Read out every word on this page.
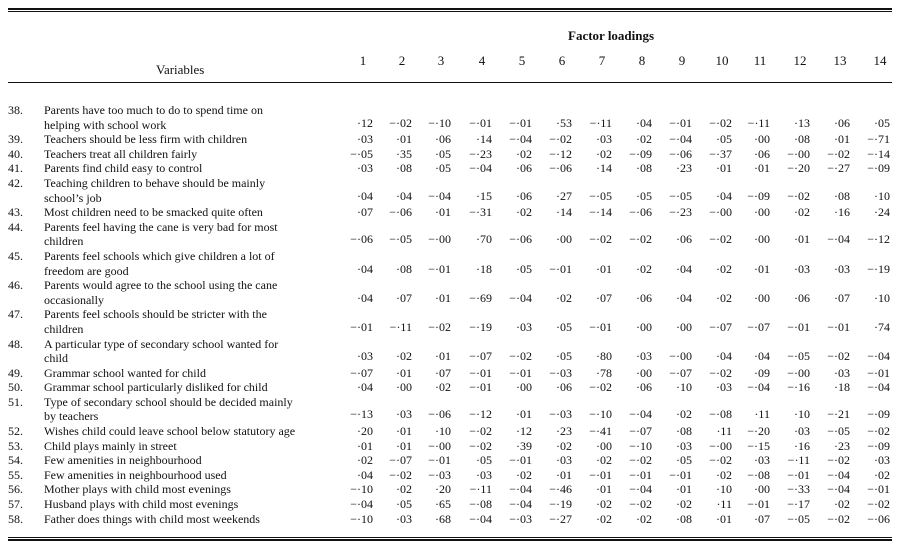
Factor loadings
Variables
1	2	3	4	5	6	7	8	9	10	11	12	13	14
38. Parents have too much to do to spend time on
helping with school work	·12	−·02	−·10	−·01	−·01	·53	−·11	·04	−·01	−·02	−·11	·13	·06	·05
39. Teachers should be less firm with children	·03	·01	·06	·14	−·04	−·02	·03	·02	−·04	·05	·00	·08	·01	−·71
40. Teachers treat all children fairly	−·05	·35	·05	−·23	·02	−·12	·02	−·09	−·06	−·37	·06	−·00	−·02	−·14
41. Parents find child easy to control	·03	·08	·05	−·04	·06	−·06	·14	·08	·23	·01	·01	−·20	−·27	−·09
42. Teaching children to behave should be mainly
school’s job	·04	·04	−·04	·15	·06	·27	−·05	·05	−·05	·04	−·09	−·02	·08	·10
43. Most children need to be smacked quite often	·07	−·06	·01	−·31	·02	·14	−·14	−·06	−·23	−·00	·00	·02	·16	·24
44. Parents feel having the cane is very bad for most
children	−·06	−·05	−·00	·70	−·06	·00	−·02	−·02	·06	−·02	·00	·01	−·04	−·12
45. Parents feel schools which give children a lot of
freedom are good	·04	·08	−·01	·18	·05	−·01	·01	·02	·04	·02	·01	·03	·03	−·19
46. Parents would agree to the school using the cane
occasionally	·04	·07	·01	−·69	−·04	·02	·07	·06	·04	·02	·00	·06	·07	·10
47. Parents feel schools should be stricter with the
children	−·01	−·11	−·02	−·19	·03	·05	−·01	·00	·00	−·07	−·07	−·01	−·01	·74
48. A particular type of secondary school wanted for
child	·03	·02	·01	−·07	−·02	·05	·80	·03	−·00	·04	·04	−·05	−·02	−·04
49. Grammar school wanted for child	−·07	·01	·07	−·01	−·01	−·03	·78	·00	−·07	−·02	·09	−·00	·03	−·01
50. Grammar school particularly disliked for child	·04	·00	·02	−·01	·00	·06	−·02	·06	·10	·03	−·04	−·16	·18	−·04
51. Type of secondary school should be decided mainly
by teachers	−·13	·03	−·06	−·12	·01	−·03	−·10	−·04	·02	−·08	·11	·10	−·21	−·09
52. Wishes child could leave school below statutory age	·20	·01	·10	−·02	·12	·23	−·41	−·07	·08	·11	−·20	·03	−·05	−·02
53. Child plays mainly in street	·01	·01	−·00	−·02	·39	·02	·00	−·10	·03	−·00	−·15	·16	·23	−·09
54. Few amenities in neighbourhood	·02	−·07	−·01	·05	−·01	·03	·02	−·02	·05	−·02	·03	−·11	−·02	·03
55. Few amenities in neighbourhood used	·04	−·02	−·03	·03	·02	·01	−·01	−·01	−·01	·02	−·08	−·01	−·04	·02
56. Mother plays with child most evenings	−·10	·02	·20	−·11	−·04	−·46	·01	−·04	·01	·10	·00	−·33	−·04	−·01
57. Husband plays with child most evenings	−·04	·05	·65	−·08	−·04	−·19	·02	−·02	·02	·11	−·01	−·17	·02	−·02
58. Father does things with child most weekends	−·10	·03	·68	−·04	−·03	−·27	·02	·02	·08	·01	·07	−·05	−·02	−·06
